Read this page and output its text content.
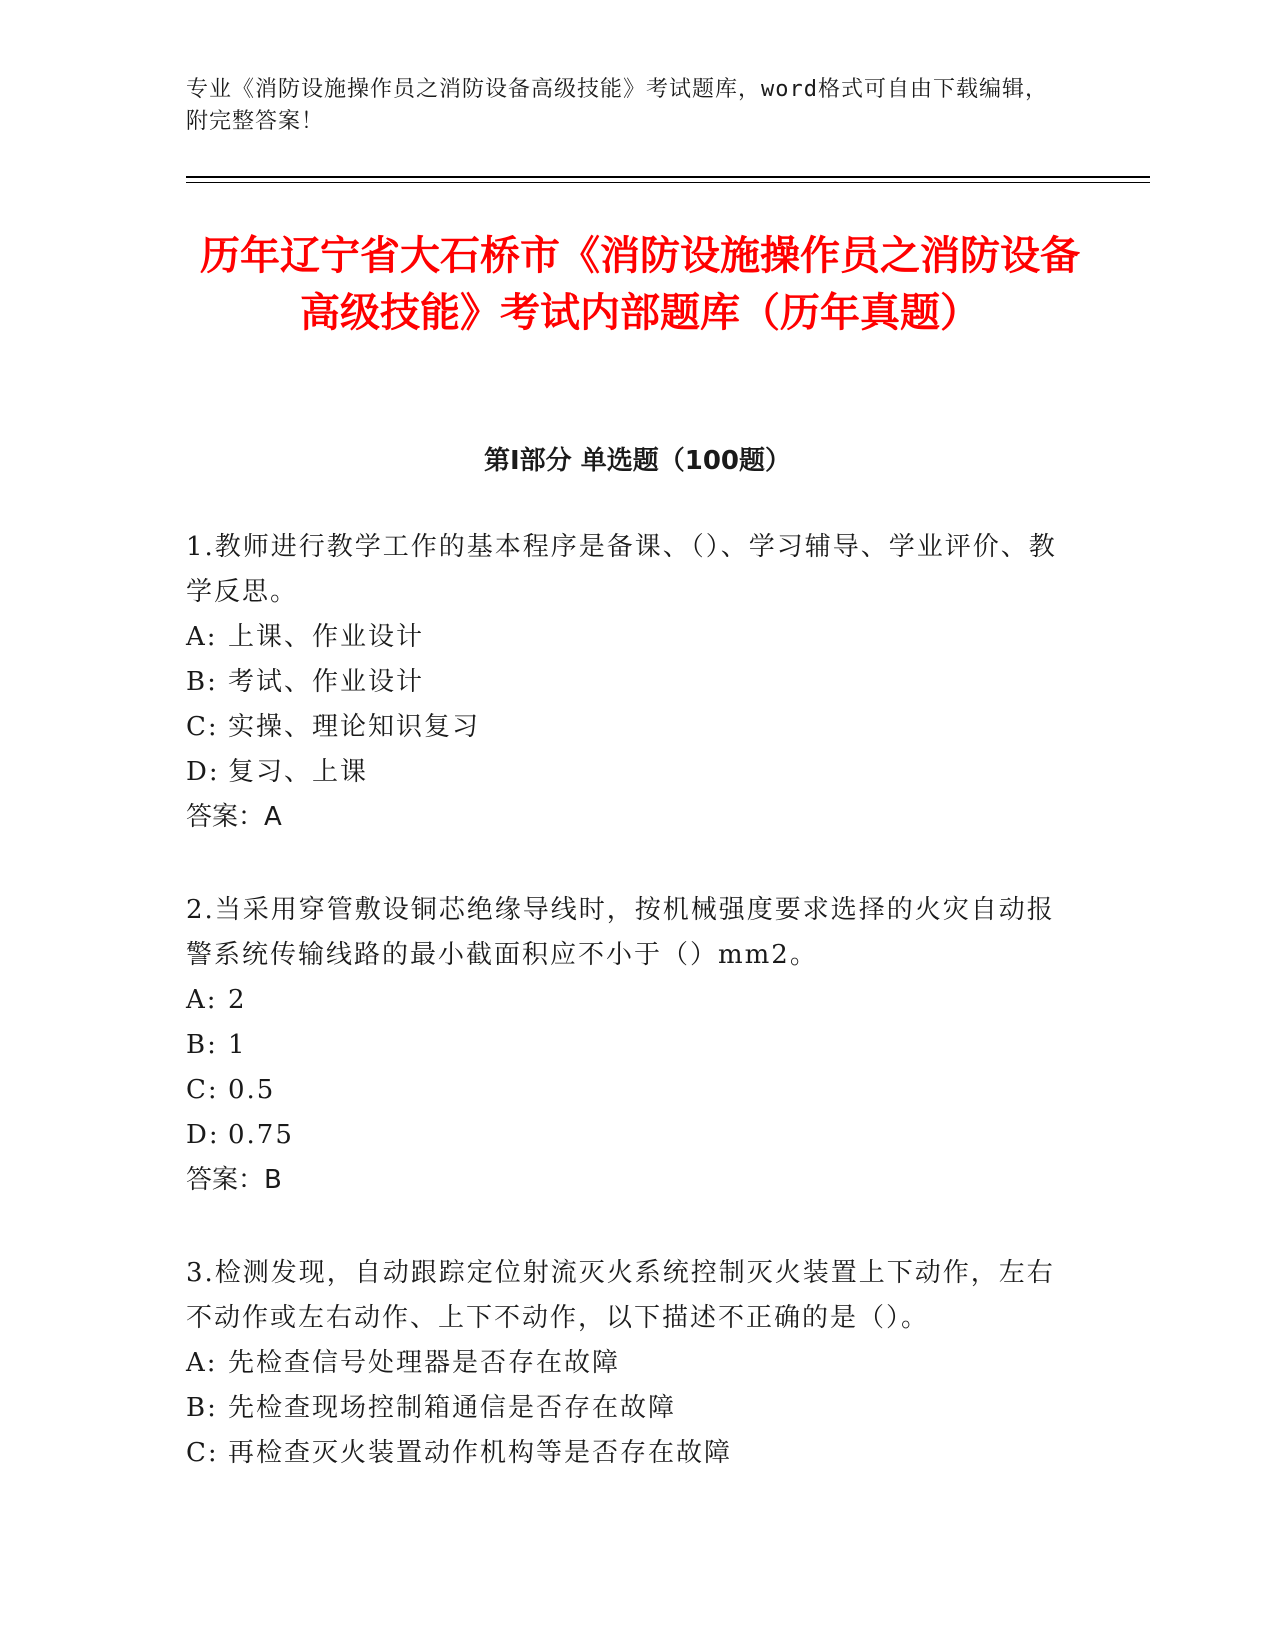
专业《消防设施操作员之消防设备高级技能》考试题库，word格式可自由下载编辑，附完整答案！
历年辽宁省大石桥市《消防设施操作员之消防设备高级技能》考试内部题库（历年真题）
第Ⅰ部分 单选题（100题）
1.教师进行教学工作的基本程序是备课、（）、学习辅导、学业评价、教学反思。
A: 上课、作业设计
B: 考试、作业设计
C: 实操、理论知识复习
D: 复习、上课
答案：A
2.当采用穿管敷设铜芯绝缘导线时，按机械强度要求选择的火灾自动报警系统传输线路的最小截面积应不小于（）mm2。
A: 2
B: 1
C: 0.5
D: 0.75
答案：B
3.检测发现，自动跟踪定位射流灭火系统控制灭火装置上下动作，左右不动作或左右动作、上下不动作，以下描述不正确的是（）。
A: 先检查信号处理器是否存在故障
B: 先检查现场控制箱通信是否存在故障
C: 再检查灭火装置动作机构等是否存在故障
